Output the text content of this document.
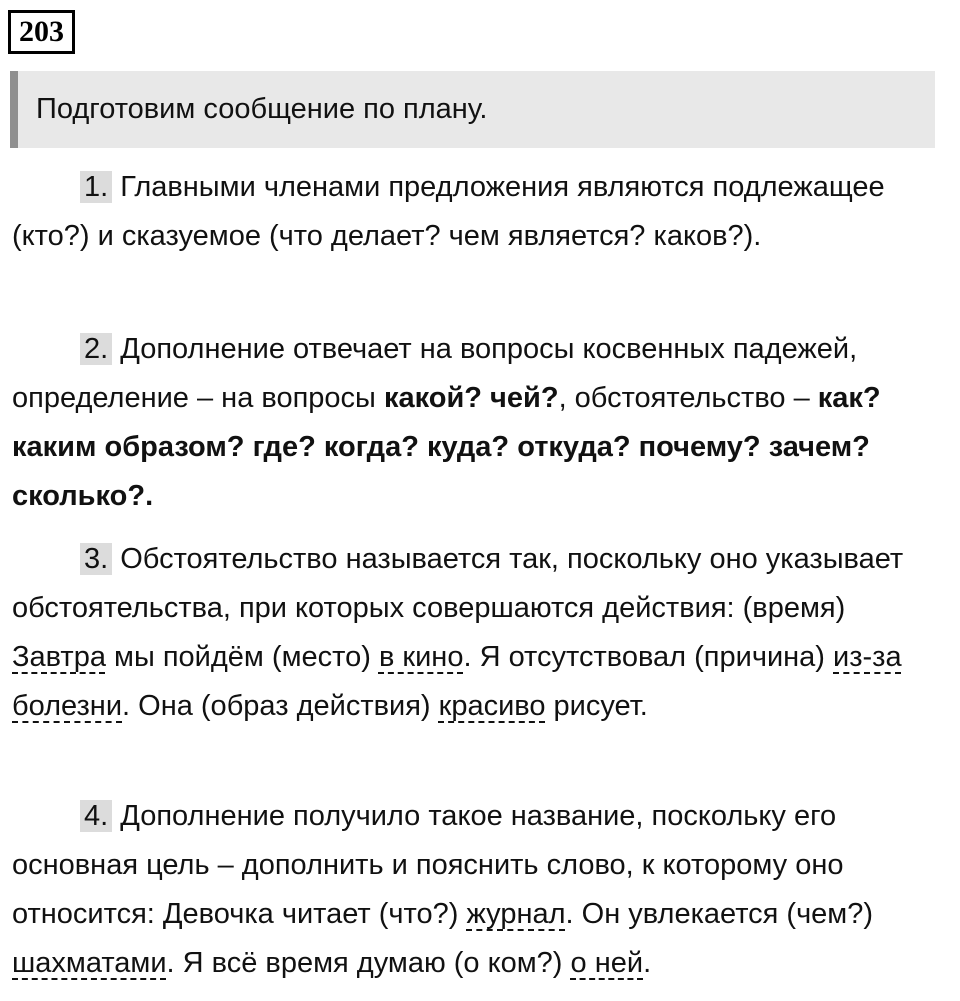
203
Подготовим сообщение по плану.
1. Главными членами предложения являются подлежащее (кто?) и сказуемое (что делает? чем является? каков?).
2. Дополнение отвечает на вопросы косвенных падежей, определение – на вопросы какой? чей?, обстоятельство – как? каким образом? где? когда? куда? откуда? почему? зачем? сколько?.
3. Обстоятельство называется так, поскольку оно указывает обстоятельства, при которых совершаются действия: (время) Завтра мы пойдём (место) в кино. Я отсутствовал (причина) из-за болезни. Она (образ действия) красиво рисует.
4. Дополнение получило такое название, поскольку его основная цель – дополнить и пояснить слово, к которому оно относится: Девочка читает (что?) журнал. Он увлекается (чем?) шахматами. Я всё время думаю (о ком?) о ней.
